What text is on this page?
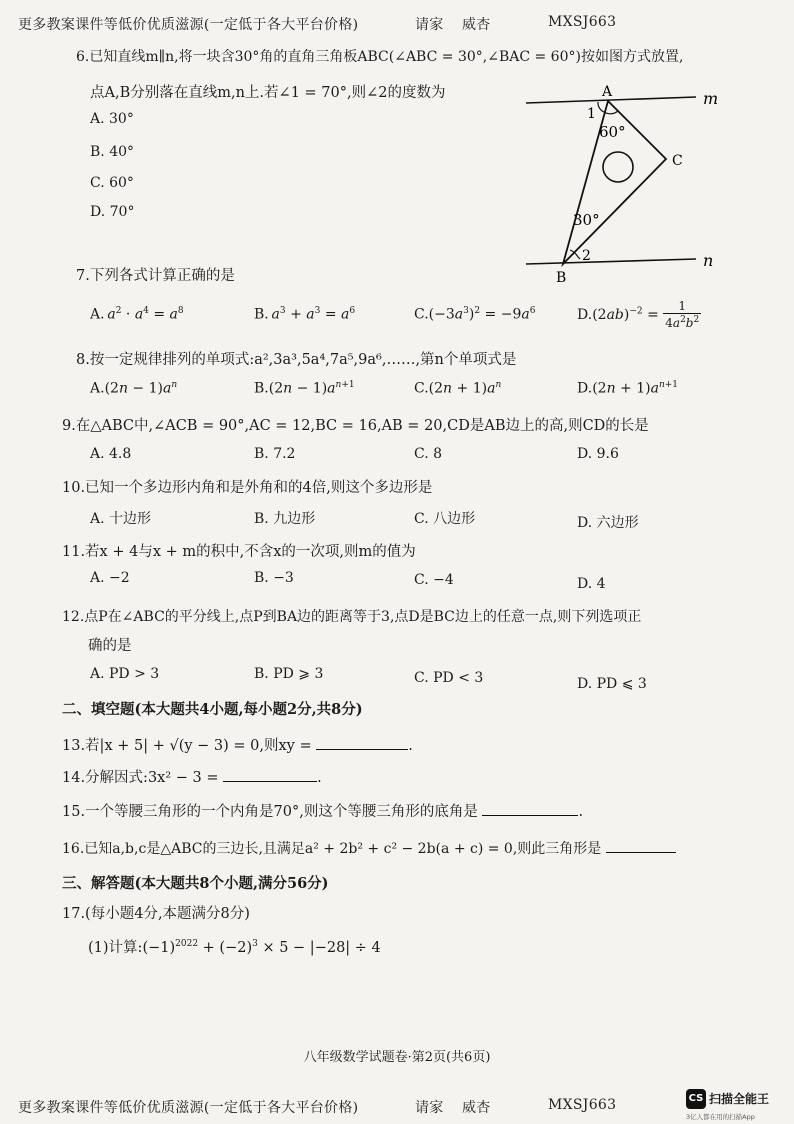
更多教案课件等低价优质滋源(一定低于各大平台价格)	请家 威杏	MXSJ663
6.已知直线m∥n,将一块含30°角的直角三角板ABC(∠ABC = 30°,∠BAC = 60°)按如图方式放置,
点A,B分别落在直线m,n上.若∠1 = 70°,则∠2的度数为
A. 30°
B. 40°
C. 60°
D. 70°
A	m
1
60°
C
30°
2
B
n
7.下列各式计算正确的是
A.  $a^2 \cdot a^4 = a^8$	B.  $a^3 + a^3 = a^6$	$C.(-3a^3)^2 = -9a^6$	$D.(2ab)^{-2} = \frac{1}{4a^2b^2}$
8.按一定规律排列的单项式:a²,3a³,5a⁴,7a⁵,9a⁶,……,第n个单项式是
$A.(2n - 1)a^n$	$B.(2n - 1)a^{n+1}$	$C.(2n + 1)a^n$	$D.(2n + 1)a^{n+1}$
9.在△ABC中,∠ACB = 90°,AC = 12,BC = 16,AB = 20,CD是AB边上的高,则CD的长是
A. 4.8	B. 7.2	C. 8	D. 9.6
10.已知一个多边形内角和是外角和的4倍,则这个多边形是
A. 十边形	B. 九边形	C. 八边形	D. 六边形
11.若x + 4与x + m的积中,不含x的一次项,则m的值为
A. −2	B. −3	C. −4	D. 4
12.点P在∠ABC的平分线上,点P到BA边的距离等于3,点D是BC边上的任意一点,则下列选项正
确的是
A. PD > 3	B. PD ⩾ 3	C. PD < 3	D. PD ⩽ 3
二、填空题(本大题共4小题,每小题2分,共8分)
13.若|x + 5| + √(y − 3) = 0,则xy =	.
14.分解因式:3x² − 3 =	.
15.一个等腰三角形的一个内角是70°,则这个等腰三角形的底角是	.
16.已知a,b,c是△ABC的三边长,且满足a² + 2b² + c² − 2b(a + c) = 0,则此三角形是
三、解答题(本大题共8个小题,满分56分)
17.(每小题4分,本题满分8分)
(1)计算$:(-1)^{2022} + (-2)^3 \times 5 - |-28| \div 4$
八年级数学试题卷·第2页(共6页)
更多教案课件等低价优质滋源(一定低于各大平台价格)	请家 威杏	MXSJ663	CS 扫描全能王
3亿人都在用的扫描App
